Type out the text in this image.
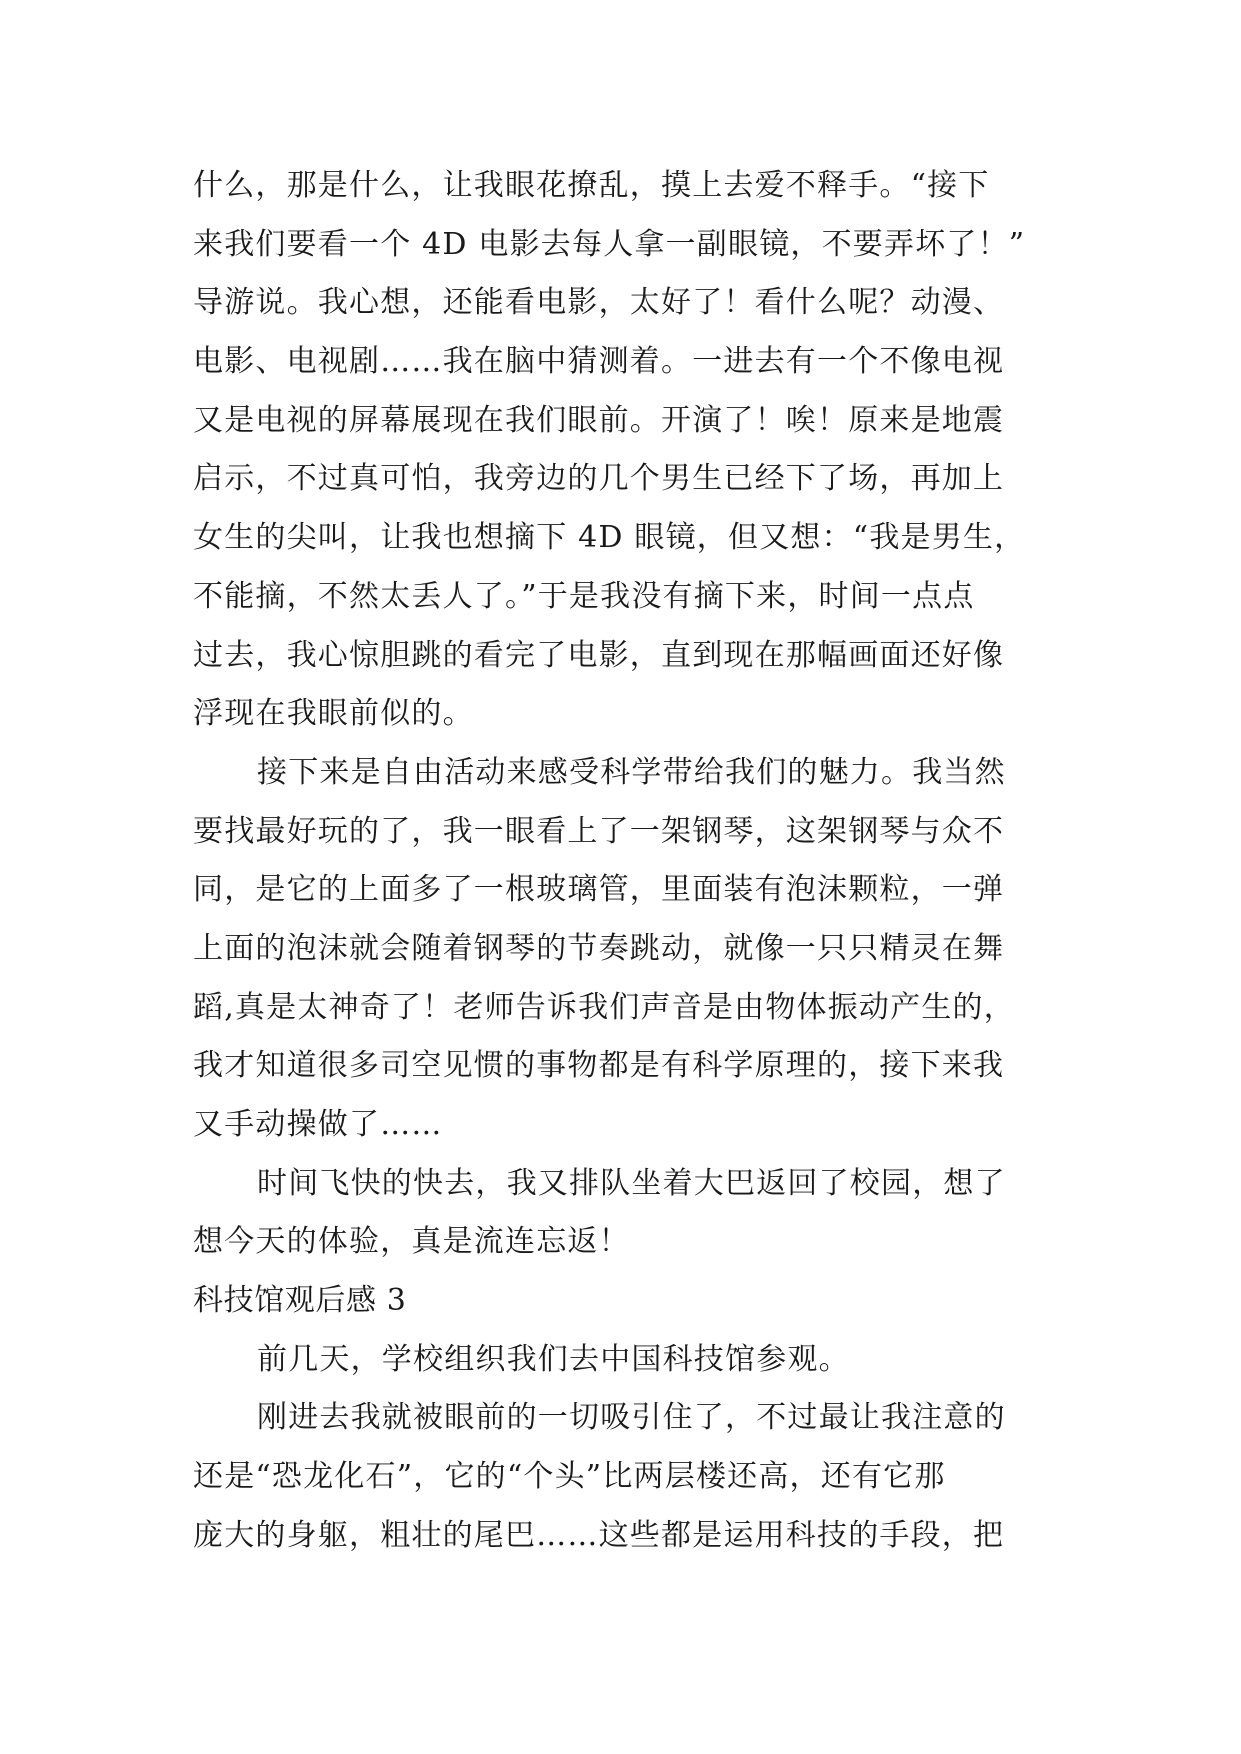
什么，那是什么，让我眼花撩乱，摸上去爱不释手。“接下
来我们要看一个 4D 电影去每人拿一副眼镜，不要弄坏了！”
导游说。我心想，还能看电影，太好了！看什么呢？动漫、
电影、电视剧……我在脑中猜测着。一进去有一个不像电视
又是电视的屏幕展现在我们眼前。开演了！唉！原来是地震
启示，不过真可怕，我旁边的几个男生已经下了场，再加上
女生的尖叫，让我也想摘下 4D 眼镜，但又想：“我是男生，
不能摘，不然太丢人了。”于是我没有摘下来，时间一点点
过去，我心惊胆跳的看完了电影，直到现在那幅画面还好像
浮现在我眼前似的。
接下来是自由活动来感受科学带给我们的魅力。我当然
要找最好玩的了，我一眼看上了一架钢琴，这架钢琴与众不
同，是它的上面多了一根玻璃管，里面装有泡沫颗粒，一弹
上面的泡沫就会随着钢琴的节奏跳动，就像一只只精灵在舞
蹈,真是太神奇了！老师告诉我们声音是由物体振动产生的，
我才知道很多司空见惯的事物都是有科学原理的，接下来我
又手动操做了……
时间飞快的快去，我又排队坐着大巴返回了校园，想了
想今天的体验，真是流连忘返！
科技馆观后感 3
前几天，学校组织我们去中国科技馆参观。
刚进去我就被眼前的一切吸引住了，不过最让我注意的
还是“恐龙化石”，它的“个头”比两层楼还高，还有它那
庞大的身躯，粗壮的尾巴……这些都是运用科技的手段，把
